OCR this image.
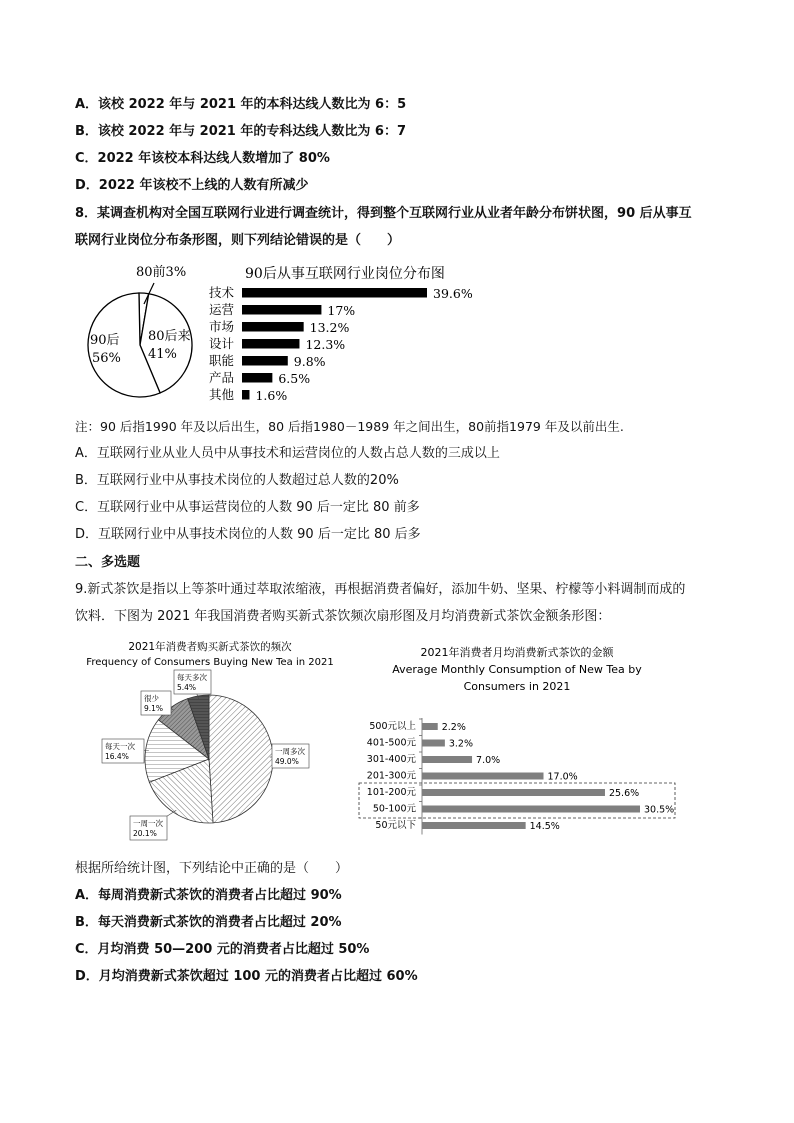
A．该校 2022 年与 2021 年的本科达线人数比为 6：5
B．该校 2022 年与 2021 年的专科达线人数比为 6：7
C．2022 年该校本科达线人数增加了 80%
D．2022 年该校不上线的人数有所减少
8．某调查机构对全国互联网行业进行调查统计，得到整个互联网行业从业者年龄分布饼状图，90 后从事互
联网行业岗位分布条形图，则下列结论错误的是（　　）
80前3%
90后
56%
80后来
41%
90后从事互联网行业岗位分布图
技术	39.6%
运营	17%
市场	13.2%
设计	12.3%
职能	9.8%
产品	6.5%
其他 1.6%
注：90 后指1990 年及以后出生，80 后指1980－1989 年之间出生，80前指1979 年及以前出生.
A．互联网行业从业人员中从事技术和运营岗位的人数占总人数的三成以上
B．互联网行业中从事技术岗位的人数超过总人数的20%
C．互联网行业中从事运营岗位的人数 90 后一定比 80 前多
D．互联网行业中从事技术岗位的人数 90 后一定比 80 后多
二、多选题
9.新式茶饮是指以上等茶叶通过萃取浓缩液，再根据消费者偏好，添加牛奶、坚果、柠檬等小料调制而成的
饮料．下图为 2021 年我国消费者购买新式茶饮频次扇形图及月均消费新式茶饮金额条形图：
2021年消费者购买新式茶饮的频次
Frequency of Consumers Buying New Tea in 2021
一周多次
49.0%
一周一次
20.1%
每天一次
16.4%
很少
9.1%
每天多次
5.4%
2021年消费者月均消费新式茶饮的金额
Average Monthly Consumption of New Tea by
Consumers in 2021
500元以上	2.2%
401-500元	3.2%
301-400元	7.0%
201-300元	17.0%
101-200元	25.6%
50-100元	30.5%
50元以下	14.5%
根据所给统计图，下列结论中正确的是（　　）
A．每周消费新式茶饮的消费者占比超过 90%
B．每天消费新式茶饮的消费者占比超过 20%
C．月均消费 50—200 元的消费者占比超过 50%
D．月均消费新式茶饮超过 100 元的消费者占比超过 60%
